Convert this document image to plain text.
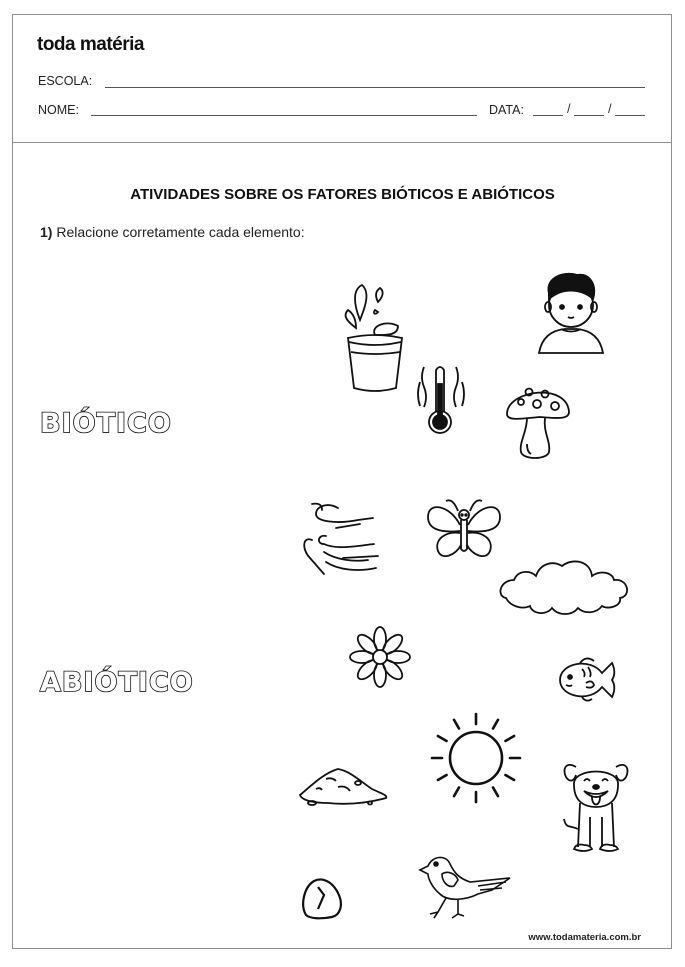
toda matéria
ESCOLA:
NOME:	DATA:	/	/
ATIVIDADES SOBRE OS FATORES BIÓTICOS E ABIÓTICOS
1) Relacione corretamente cada elemento:
BIÓTICO
ABIÓTICO
www.todamateria.com.br
